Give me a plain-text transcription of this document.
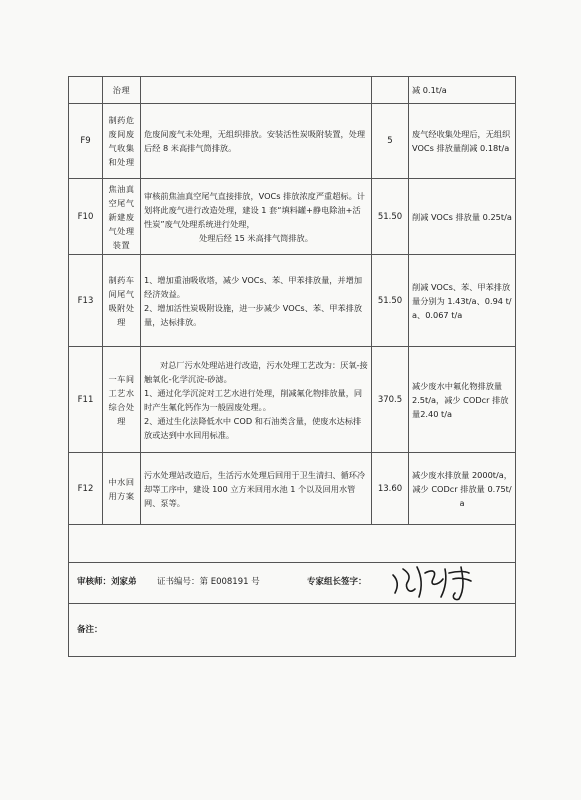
	治理			减 0.1t/a
F9	制药危废间废气收集和处理	危废间废气未处理，无组织排放。安装活性炭吸附装置，处理后经 8 米高排气筒排放。	5	废气经收集处理后，无组织 VOCs 排放量削减 0.18t/a
F10	焦油真空尾气新建废气处理装置	审核前焦油真空尾气直接排放，VOCs 排放浓度严重超标。计划将此废气进行改造处理，建设 1 套“填料罐+静电除油+活性炭”废气处理系统进行处理，

处理后经 15 米高排气筒排放。	51.50	削减 VOCs 排放量 0.25t/a
F13	制药车间尾气吸附处理	1、增加重油吸收塔，减少 VOCs、苯、甲苯排放量，并增加经济效益。

2、增加活性炭吸附设施，进一步减少 VOCs、苯、甲苯排放量，达标排放。	51.50	削减 VOCs、苯、甲苯排放量分别为 1.43t/a、0.94 t/a、0.067 t/a
F11	一车间工艺水综合处理	对总厂污水处理站进行改造，污水处理工艺改为：厌氧-接触氧化-化学沉淀-砂滤。

1、通过化学沉淀对工艺水进行处理，削减氟化物排放量，同时产生氟化钙作为一般固废处理。。

2、通过生化法降低水中 COD 和石油类含量，使废水达标排放或达到中水回用标准。	370.5	减少废水中氟化物排放量 2.5t/a，减少 CODcr 排放量2.40 t/a
F12	中水回用方案	污水处理站改造后，生活污水处理后回用于卫生清扫、循环冷却等工序中，建设 100 立方米回用水池 1 个以及回用水管网、泵等。	13.60	减少废水排放量 2000t/a，减少 CODcr 排放量 0.75t/a

审核师：刘家弟 证书编号：第 E008191 号 专家组长签字：				

备注：				
